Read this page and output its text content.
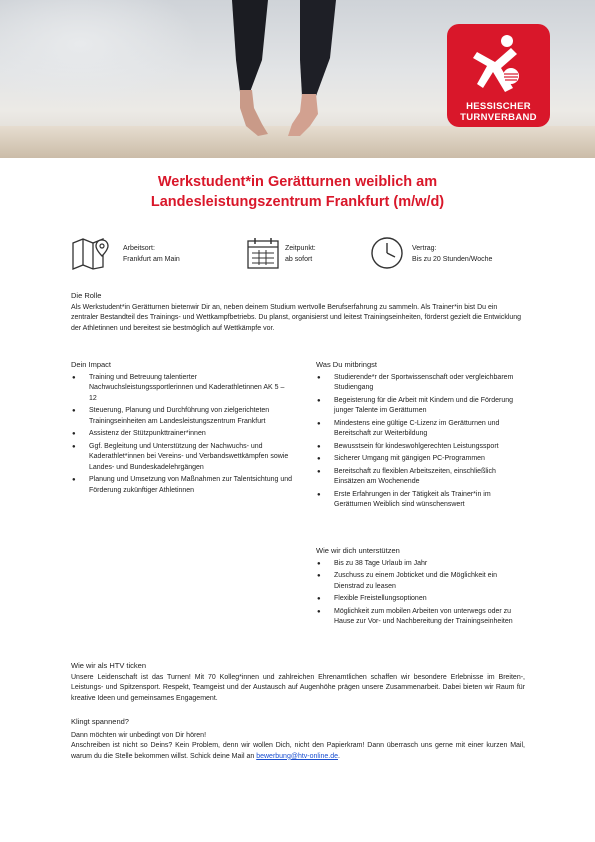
HESSISCHER
TURNVERBAND
Werkstudent*in Gerätturnen weiblich am
Landesleistungszentrum Frankfurt (m/w/d)
Arbeitsort:
Frankfurt am Main
Zeitpunkt:
ab sofort
Vertrag:
Bis zu 20 Stunden/Woche
Die Rolle
Als Werkstudent*in Gerätturnen bietenwir Dir an, neben deinem Studium wertvolle Berufserfahrung zu sammeln. Als Trainer*in bist Du ein zentraler Bestandteil des Trainings- und Wettkampfbetriebs. Du planst, organisierst und leitest Trainingseinheiten, förderst gezielt die Entwicklung der Athletinnen und bereitest sie bestmöglich auf Wettkämpfe vor.
Dein Impact
● Training und Betreuung talentierter Nachwuchsleistungssportlerinnen und Kaderathletinnen AK 5 – 12
● Steuerung, Planung und Durchführung von zielgerichteten Trainingseinheiten am Landesleistungszentrum Frankfurt
● Assistenz der Stützpunkttrainer*innen
● Ggf. Begleitung und Unterstützung der Nachwuchs- und Kaderathlet*innen bei Vereins- und Verbandswettkämpfen sowie Landes- und Bundeskadelehrgängen
● Planung und Umsetzung von Maßnahmen zur Talentsichtung und Förderung zukünftiger Athletinnen
Was Du mitbringst
● Studierende*r der Sportwissenschaft oder vergleichbarem Studiengang
● Begeisterung für die Arbeit mit Kindern und die Förderung junger Talente im Gerätturnen
● Mindestens eine gültige C-Lizenz im Gerätturnen und Bereitschaft zur Weiterbildung
● Bewusstsein für kindeswohlgerechten Leistungssport
● Sicherer Umgang mit gängigen PC-Programmen
● Bereitschaft zu flexiblen Arbeitszeiten, einschließlich Einsätzen am Wochenende
● Erste Erfahrungen in der Tätigkeit als Trainer*in im Gerätturnen Weiblich sind wünschenswert
Wie wir dich unterstützen
● Bis zu 38 Tage Urlaub im Jahr
● Zuschuss zu einem Jobticket und die Möglichkeit ein Dienstrad zu leasen
● Flexible Freistellungsoptionen
● Möglichkeit zum mobilen Arbeiten von unterwegs oder zu Hause zur Vor- und Nachbereitung der Trainingseinheiten
Wie wir als HTV ticken
Unsere Leidenschaft ist das Turnen! Mit 70 Kolleg*innen und zahlreichen Ehrenamtlichen schaffen wir besondere Erlebnisse im Breiten-, Leistungs- und Spitzensport. Respekt, Teamgeist und der Austausch auf Augenhöhe prägen unsere Zusammenarbeit. Dabei bieten wir Raum für kreative Ideen und gemeinsames Engagement.
Klingt spannend?
Dann möchten wir unbedingt von Dir hören!
Anschreiben ist nicht so Deins? Kein Problem, denn wir wollen Dich, nicht den Papierkram! Dann überrasch uns gerne mit einer kurzen Mail, warum du die Stelle bekommen willst. Schick deine Mail an bewerbung@htv-online.de.
